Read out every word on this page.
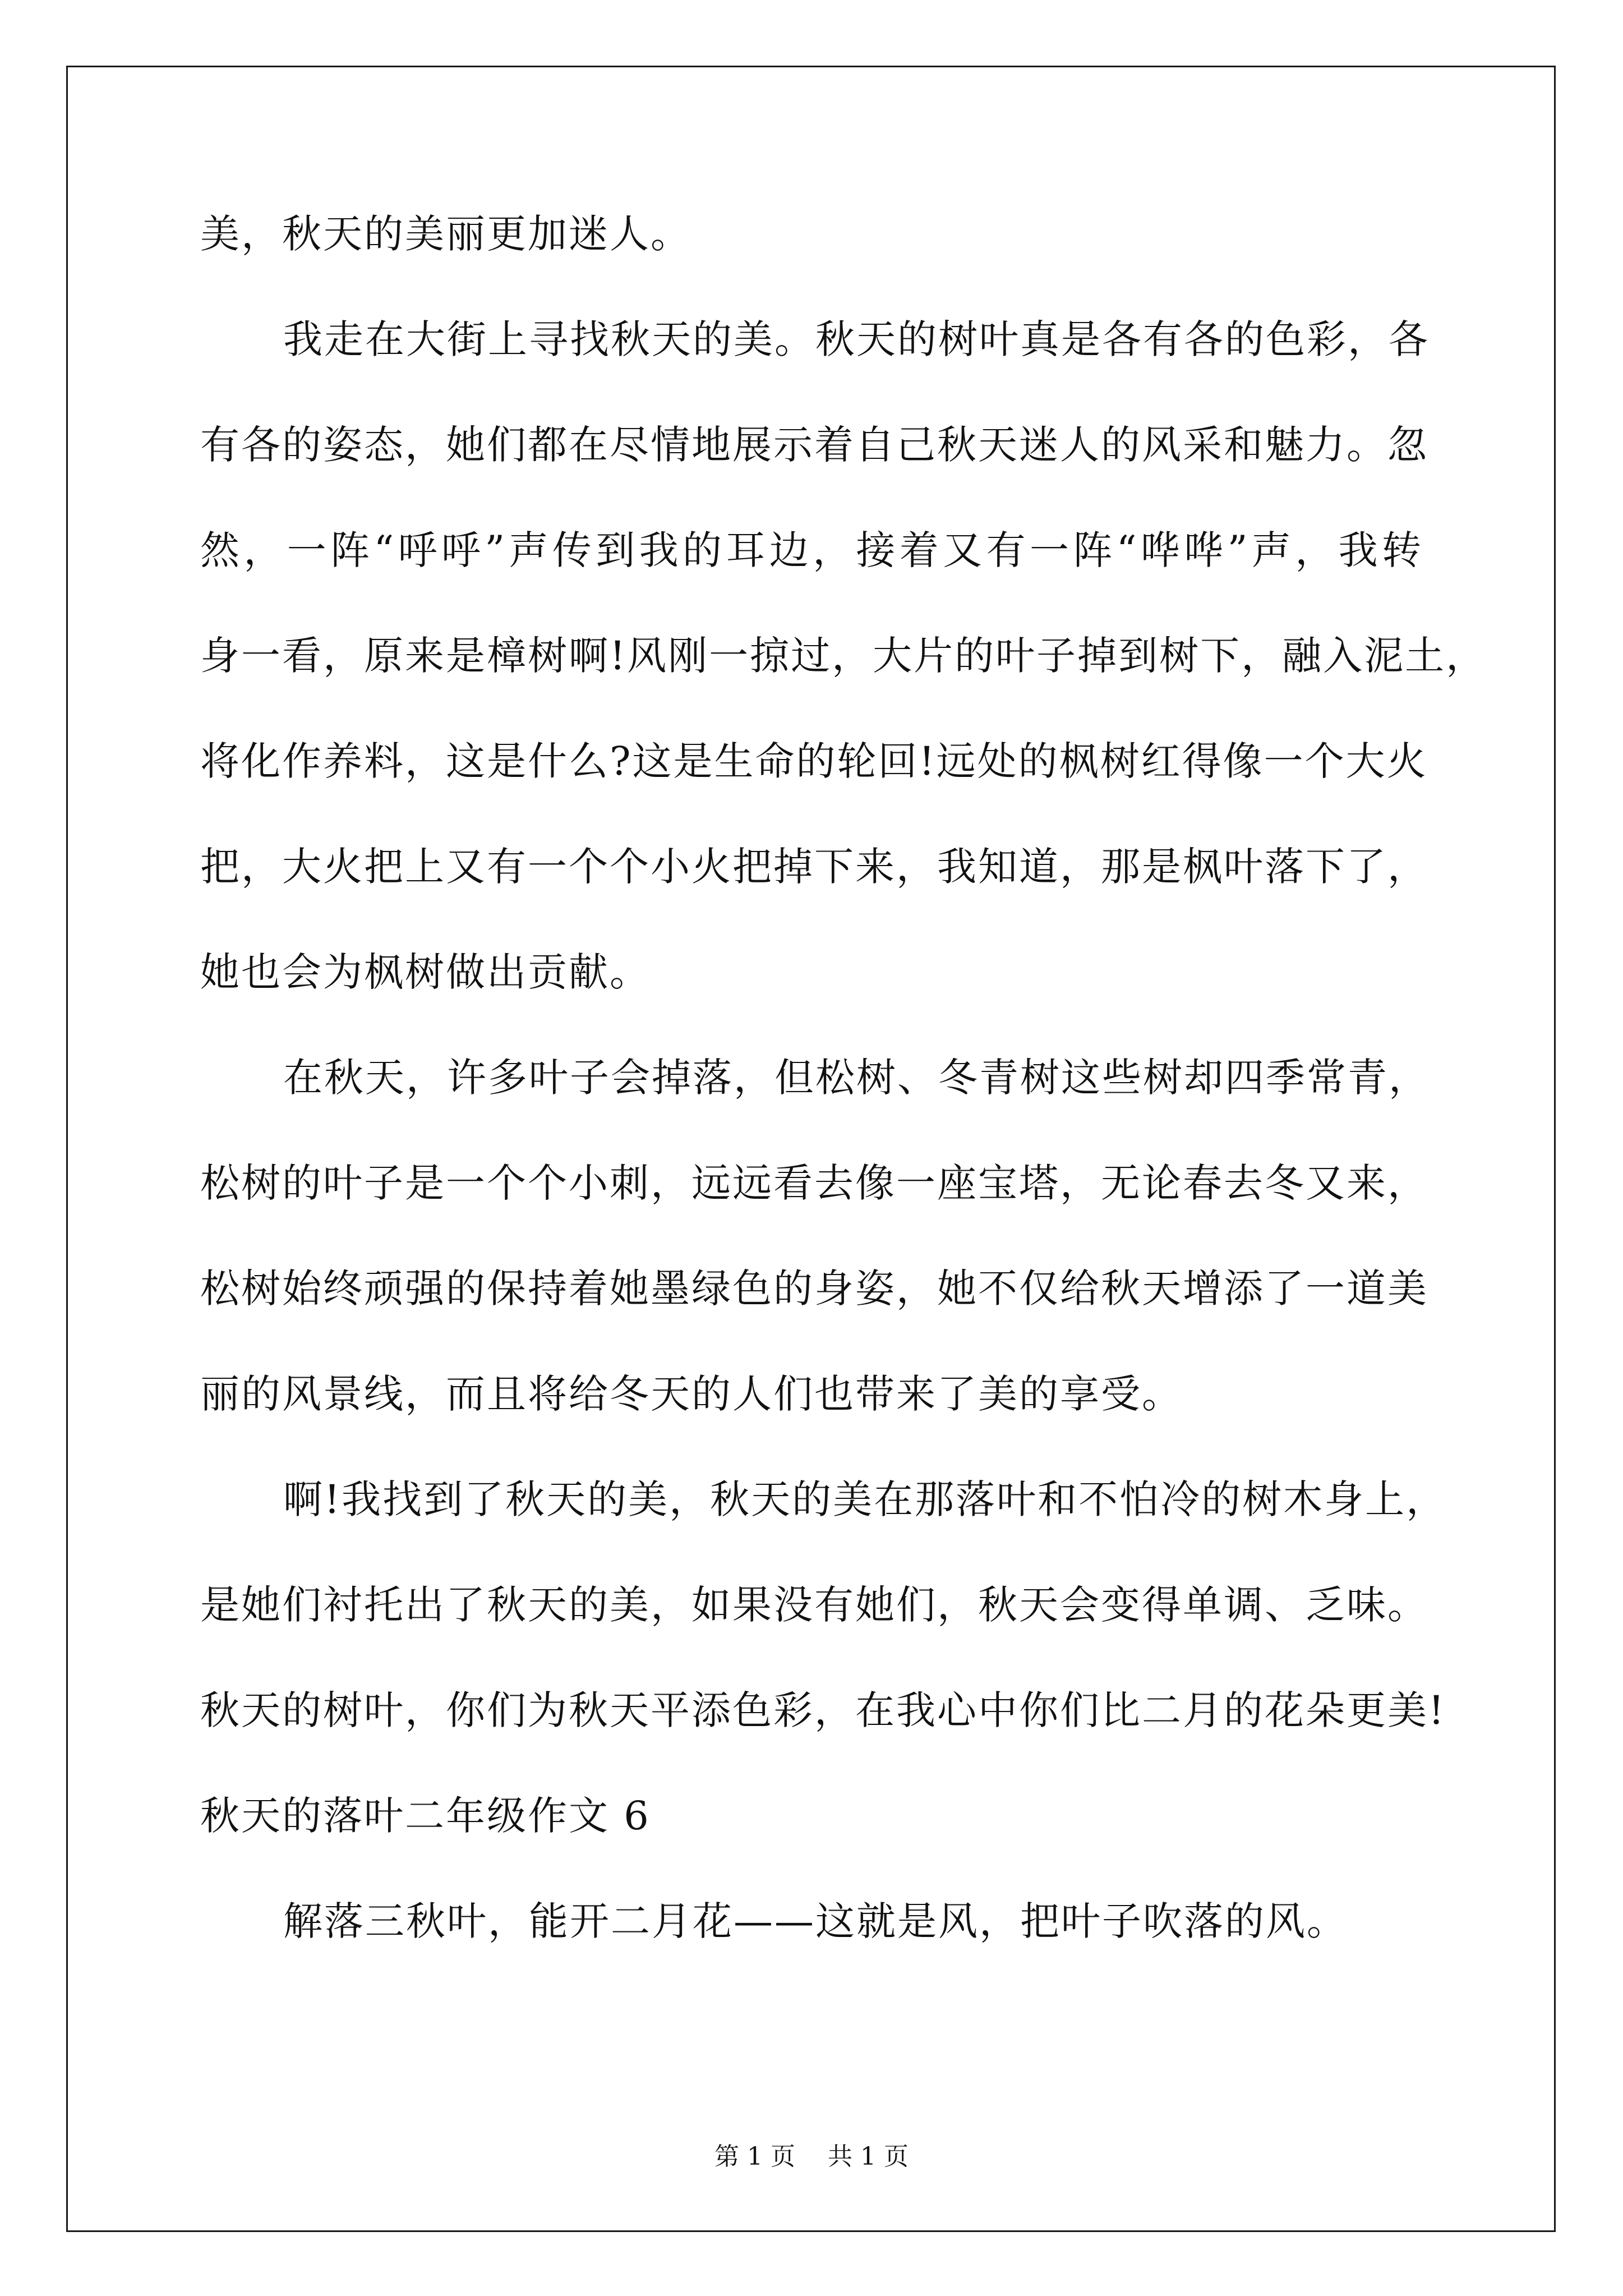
美，秋天的美丽更加迷人。
我走在大街上寻找秋天的美。秋天的树叶真是各有各的色彩，各
有各的姿态，她们都在尽情地展示着自己秋天迷人的风采和魅力。忽
然，一阵“呼呼”声传到我的耳边，接着又有一阵“哗哗”声，我转
身一看，原来是樟树啊!风刚一掠过，大片的叶子掉到树下，融入泥土，
将化作养料，这是什么?这是生命的轮回!远处的枫树红得像一个大火
把，大火把上又有一个个小火把掉下来，我知道，那是枫叶落下了，
她也会为枫树做出贡献。
在秋天，许多叶子会掉落，但松树、冬青树这些树却四季常青，
松树的叶子是一个个小刺，远远看去像一座宝塔，无论春去冬又来，
松树始终顽强的保持着她墨绿色的身姿，她不仅给秋天增添了一道美
丽的风景线，而且将给冬天的人们也带来了美的享受。
啊!我找到了秋天的美，秋天的美在那落叶和不怕冷的树木身上，
是她们衬托出了秋天的美，如果没有她们，秋天会变得单调、乏味。
秋天的树叶，你们为秋天平添色彩，在我心中你们比二月的花朵更美!
秋天的落叶二年级作文 6
解落三秋叶，能开二月花——这就是风，把叶子吹落的风。
第 1 页 共 1 页
